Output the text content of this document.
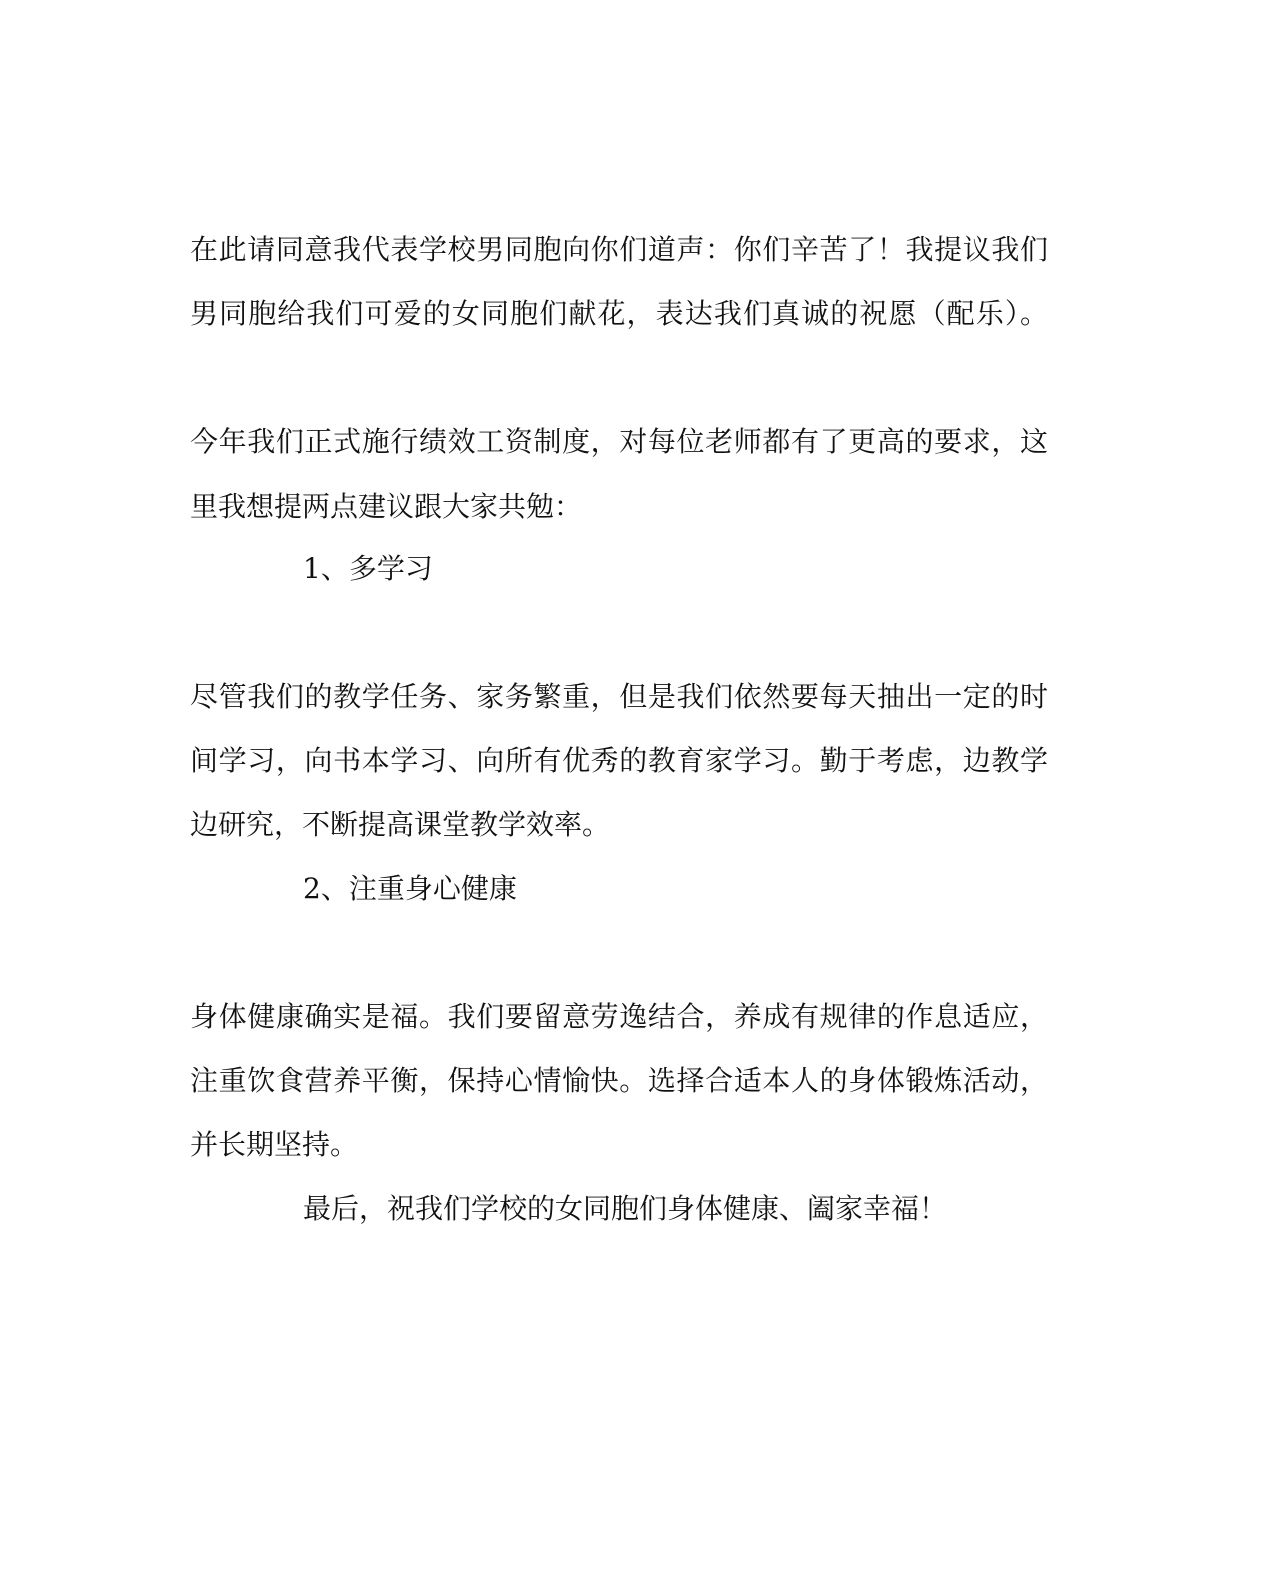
在此请同意我代表学校男同胞向你们道声：你们辛苦了！我提议我们
男同胞给我们可爱的女同胞们献花，表达我们真诚的祝愿（配乐）。
今年我们正式施行绩效工资制度，对每位老师都有了更高的要求，这
里我想提两点建议跟大家共勉：
1、多学习
尽管我们的教学任务、家务繁重，但是我们依然要每天抽出一定的时
间学习，向书本学习、向所有优秀的教育家学习。勤于考虑，边教学
边研究，不断提高课堂教学效率。
2、注重身心健康
身体健康确实是福。我们要留意劳逸结合，养成有规律的作息适应，
注重饮食营养平衡，保持心情愉快。选择合适本人的身体锻炼活动，
并长期坚持。
最后，祝我们学校的女同胞们身体健康、阖家幸福！
